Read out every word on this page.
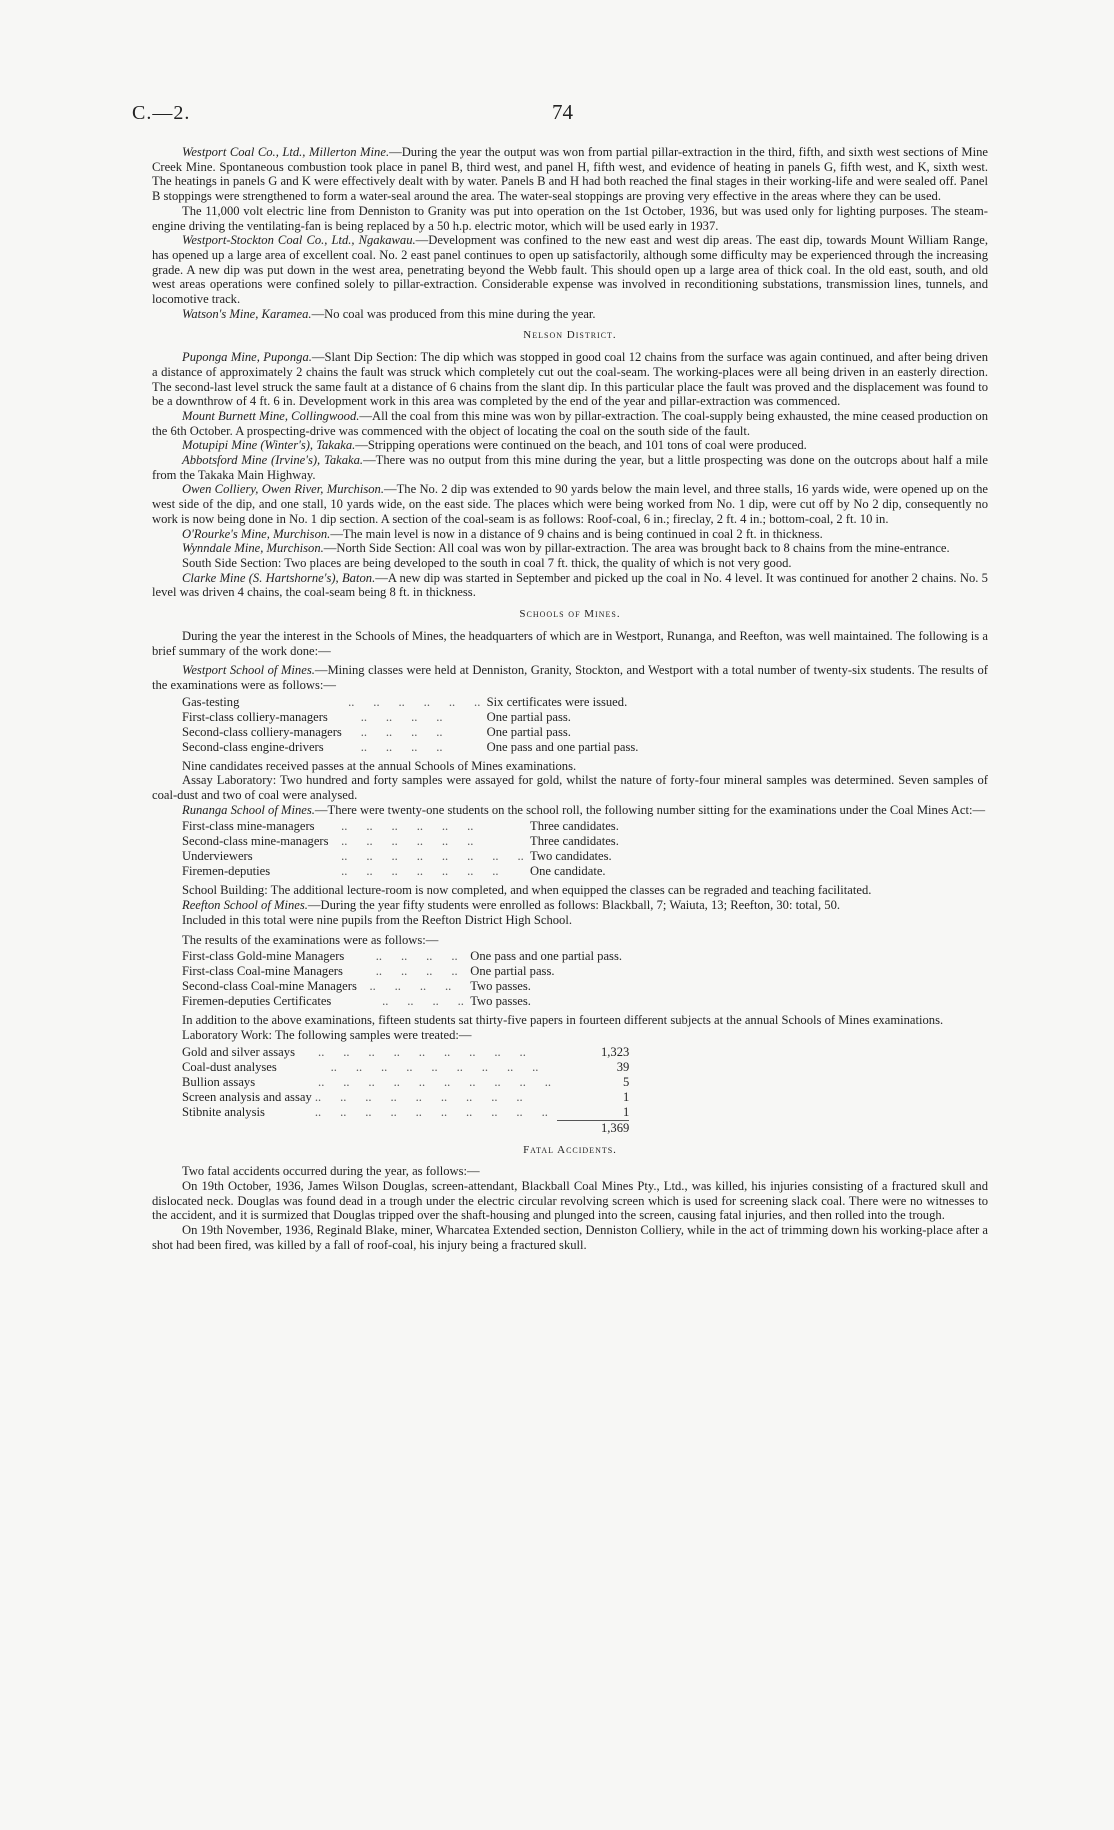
C.—2.	74

Westport Coal Co., Ltd., Millerton Mine.—During the year the output was won from partial pillar-extraction in the third, fifth, and sixth west sections of Mine Creek Mine. Spontaneous combustion took place in panel B, third west, and panel H, fifth west, and evidence of heating in panels G, fifth west, and K, sixth west. The heatings in panels G and K were effectively dealt with by water. Panels B and H had both reached the final stages in their working-life and were sealed off. Panel B stoppings were strengthened to form a water-seal around the area. The water-seal stoppings are proving very effective in the areas where they can be used.

The 11,000 volt electric line from Denniston to Granity was put into operation on the 1st October, 1936, but was used only for lighting purposes. The steam-engine driving the ventilating-fan is being replaced by a 50 h.p. electric motor, which will be used early in 1937.

Westport-Stockton Coal Co., Ltd., Ngakawau.—Development was confined to the new east and west dip areas. The east dip, towards Mount William Range, has opened up a large area of excellent coal. No. 2 east panel continues to open up satisfactorily, although some difficulty may be experienced through the increasing grade. A new dip was put down in the west area, penetrating beyond the Webb fault. This should open up a large area of thick coal. In the old east, south, and old west areas operations were confined solely to pillar-extraction. Considerable expense was involved in reconditioning substations, transmission lines, tunnels, and locomotive track.

Watson's Mine, Karamea.—No coal was produced from this mine during the year.

Nelson District.

Puponga Mine, Puponga.—Slant Dip Section: The dip which was stopped in good coal 12 chains from the surface was again continued, and after being driven a distance of approximately 2 chains the fault was struck which completely cut out the coal-seam. The working-places were all being driven in an easterly direction. The second-last level struck the same fault at a distance of 6 chains from the slant dip. In this particular place the fault was proved and the displacement was found to be a downthrow of 4 ft. 6 in. Development work in this area was completed by the end of the year and pillar-extraction was commenced.

Mount Burnett Mine, Collingwood.—All the coal from this mine was won by pillar-extraction. The coal-supply being exhausted, the mine ceased production on the 6th October. A prospecting-drive was commenced with the object of locating the coal on the south side of the fault.

Motupipi Mine (Winter's), Takaka.—Stripping operations were continued on the beach, and 101 tons of coal were produced.

Abbotsford Mine (Irvine's), Takaka.—There was no output from this mine during the year, but a little prospecting was done on the outcrops about half a mile from the Takaka Main Highway.

Owen Colliery, Owen River, Murchison.—The No. 2 dip was extended to 90 yards below the main level, and three stalls, 16 yards wide, were opened up on the west side of the dip, and one stall, 10 yards wide, on the east side. The places which were being worked from No. 1 dip, were cut off by No 2 dip, consequently no work is now being done in No. 1 dip section. A section of the coal-seam is as follows: Roof-coal, 6 in.; fireclay, 2 ft. 4 in.; bottom-coal, 2 ft. 10 in.

O'Rourke's Mine, Murchison.—The main level is now in a distance of 9 chains and is being continued in coal 2 ft. in thickness.

Wynndale Mine, Murchison.—North Side Section: All coal was won by pillar-extraction. The area was brought back to 8 chains from the mine-entrance.

South Side Section: Two places are being developed to the south in coal 7 ft. thick, the quality of which is not very good.

Clarke Mine (S. Hartshorne's), Baton.—A new dip was started in September and picked up the coal in No. 4 level. It was continued for another 2 chains. No. 5 level was driven 4 chains, the coal-seam being 8 ft. in thickness.

Schools of Mines.

During the year the interest in the Schools of Mines, the headquarters of which are in Westport, Runanga, and Reefton, was well maintained. The following is a brief summary of the work done:—

Westport School of Mines.—Mining classes were held at Denniston, Granity, Stockton, and Westport with a total number of twenty-six students. The results of the examinations were as follows:—

Gas-testing	..      ..      ..      ..      ..      ..	Six certificates were issued.
First-class colliery-managers	..      ..      ..      ..	One partial pass.
Second-class colliery-managers	..      ..      ..      ..	One partial pass.
Second-class engine-drivers	..      ..      ..      ..	One pass and one partial pass.

Nine candidates received passes at the annual Schools of Mines examinations.

Assay Laboratory: Two hundred and forty samples were assayed for gold, whilst the nature of forty-four mineral samples was determined. Seven samples of coal-dust and two of coal were analysed.

Runanga School of Mines.—There were twenty-one students on the school roll, the following number sitting for the examinations under the Coal Mines Act:—

First-class mine-managers	..      ..      ..      ..      ..      ..	Three candidates.
Second-class mine-managers	..      ..      ..      ..      ..      ..	Three candidates.
Underviewers	..      ..      ..      ..      ..      ..      ..      ..	Two candidates.
Firemen-deputies	..      ..      ..      ..      ..      ..      ..	One candidate.

School Building: The additional lecture-room is now completed, and when equipped the classes can be regraded and teaching facilitated.

Reefton School of Mines.—During the year fifty students were enrolled as follows: Blackball, 7; Waiuta, 13; Reefton, 30: total, 50.

Included in this total were nine pupils from the Reefton District High School.

The results of the examinations were as follows:—

First-class Gold-mine Managers	..      ..      ..      ..	One pass and one partial pass.
First-class Coal-mine Managers	..      ..      ..      ..	One partial pass.
Second-class Coal-mine Managers	..      ..      ..      ..	Two passes.
Firemen-deputies Certificates	..      ..      ..      ..	Two passes.

In addition to the above examinations, fifteen students sat thirty-five papers in fourteen different subjects at the annual Schools of Mines examinations.

Laboratory Work: The following samples were treated:—

Gold and silver assays	..      ..      ..      ..      ..      ..      ..      ..      ..	1,323
Coal-dust analyses	..      ..      ..      ..      ..      ..      ..      ..      ..	39
Bullion assays	..      ..      ..      ..      ..      ..      ..      ..      ..      ..	5
Screen analysis and assay	..      ..      ..      ..      ..      ..      ..      ..      ..	1
Stibnite analysis	..      ..      ..      ..      ..      ..      ..      ..      ..      ..	1
		1,369
Fatal Accidents.

Two fatal accidents occurred during the year, as follows:—

On 19th October, 1936, James Wilson Douglas, screen-attendant, Blackball Coal Mines Pty., Ltd., was killed, his injuries consisting of a fractured skull and dislocated neck. Douglas was found dead in a trough under the electric circular revolving screen which is used for screening slack coal. There were no witnesses to the accident, and it is surmized that Douglas tripped over the shaft-housing and plunged into the screen, causing fatal injuries, and then rolled into the trough.

On 19th November, 1936, Reginald Blake, miner, Wharcatea Extended section, Denniston Colliery, while in the act of trimming down his working-place after a shot had been fired, was killed by a fall of roof-coal, his injury being a fractured skull.
